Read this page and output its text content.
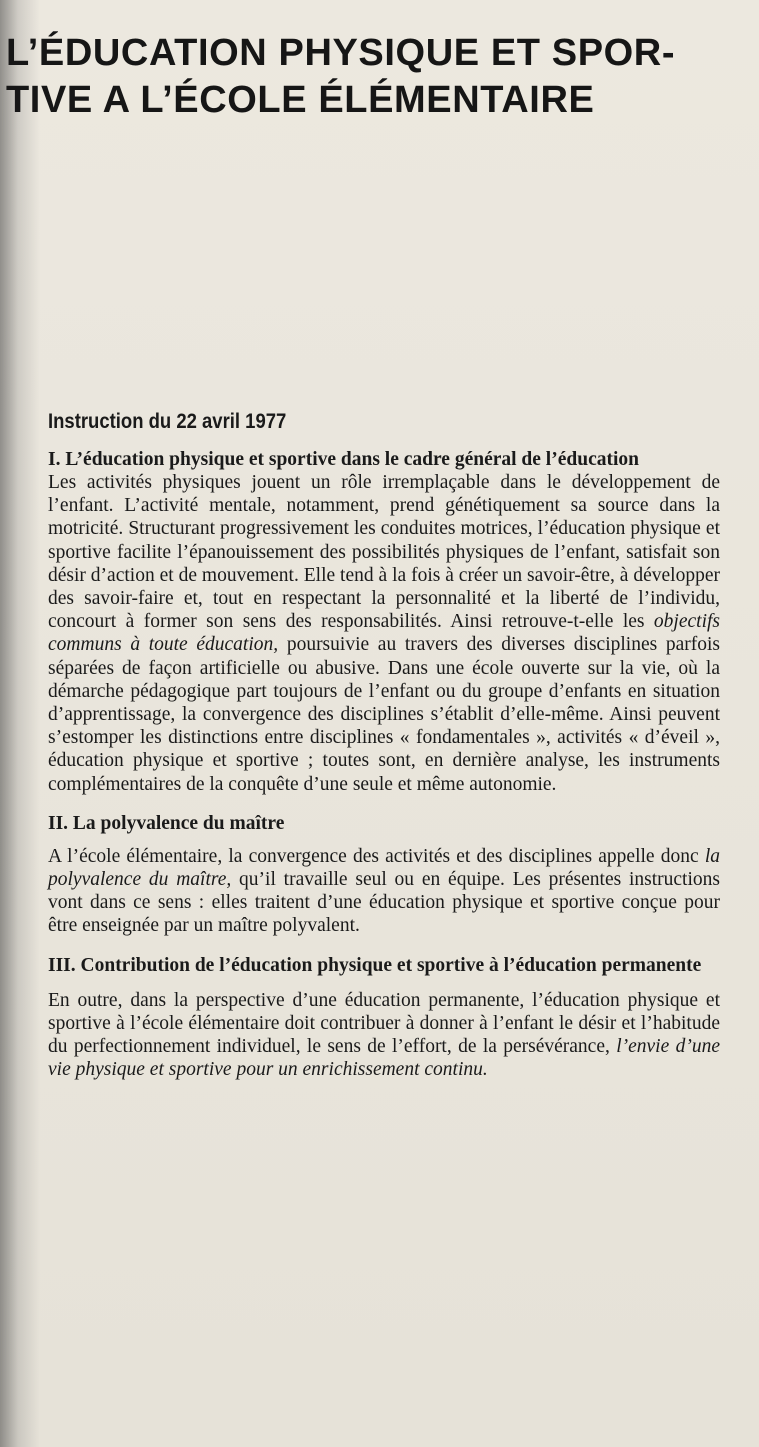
L’ÉDUCATION PHYSIQUE ET SPOR-
TIVE A L’ÉCOLE ÉLÉMENTAIRE
Instruction du 22 avril 1977

I. L’éducation physique et sportive dans le cadre général de l’éducation

Les activités physiques jouent un rôle irremplaçable dans le développement de l’enfant. L’activité mentale, notamment, prend génétiquement sa source dans la motricité. Structurant progressivement les conduites motrices, l’éducation physique et sportive facilite l’épanouissement des possibilités physiques de l’enfant, satisfait son désir d’action et de mouvement. Elle tend à la fois à créer un savoir-être, à développer des savoir-faire et, tout en respectant la personnalité et la liberté de l’individu, concourt à former son sens des responsabilités. Ainsi retrouve-t-elle les objectifs communs à toute éducation, poursuivie au travers des diverses disciplines parfois séparées de façon artificielle ou abusive. Dans une école ouverte sur la vie, où la démarche pédagogique part toujours de l’enfant ou du groupe d’enfants en situation d’apprentissage, la convergence des disciplines s’établit d’elle-même. Ainsi peuvent s’estomper les distinctions entre disciplines « fondamentales », activités « d’éveil », éducation physique et sportive ; toutes sont, en dernière analyse, les instruments complémentaires de la conquête d’une seule et même autonomie.

II. La polyvalence du maître

A l’école élémentaire, la convergence des activités et des disciplines appelle donc la polyvalence du maître, qu’il travaille seul ou en équipe. Les présentes instructions vont dans ce sens : elles traitent d’une éducation physique et sportive conçue pour être enseignée par un maître polyvalent.

III. Contribution de l’éducation physique et sportive à l’éducation permanente

En outre, dans la perspective d’une éducation permanente, l’éducation physique et sportive à l’école élémentaire doit contribuer à donner à l’enfant le désir et l’habitude du perfectionnement individuel, le sens de l’effort, de la persévérance, l’envie d’une vie physique et sportive pour un enrichissement continu.
